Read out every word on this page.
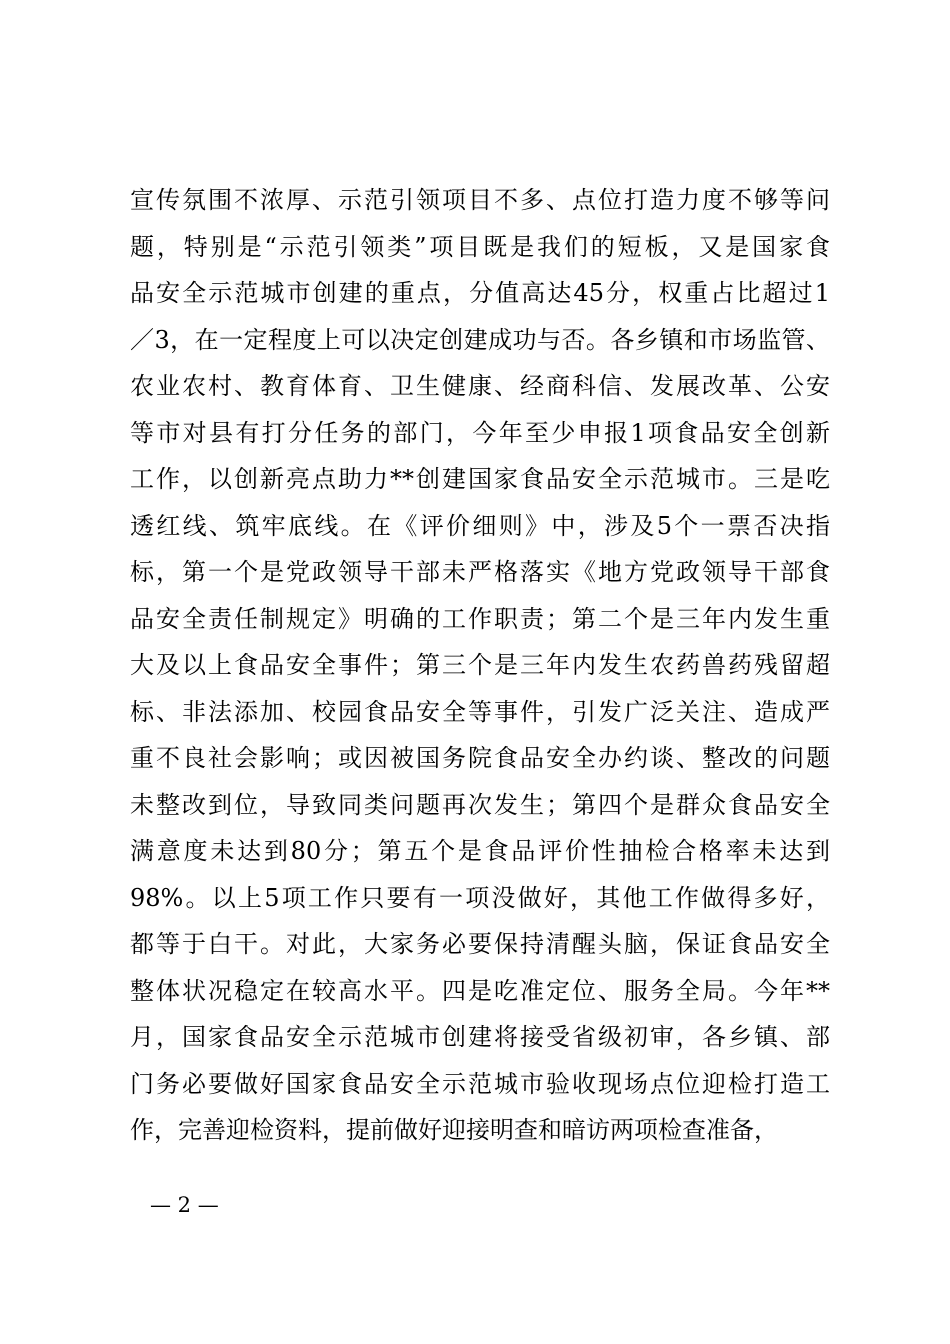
宣传氛围不浓厚、示范引领项目不多、点位打造力度不够等问
题，特别是“示范引领类”项目既是我们的短板，又是国家食
品安全示范城市创建的重点，分值高达45分，权重占比超过1
／3，在一定程度上可以决定创建成功与否。各乡镇和市场监管、
农业农村、教育体育、卫生健康、经商科信、发展改革、公安
等市对县有打分任务的部门，今年至少申报1项食品安全创新
工作，以创新亮点助力**创建国家食品安全示范城市。三是吃
透红线、筑牢底线。在《评价细则》中，涉及5个一票否决指
标，第一个是党政领导干部未严格落实《地方党政领导干部食
品安全责任制规定》明确的工作职责；第二个是三年内发生重
大及以上食品安全事件；第三个是三年内发生农药兽药残留超
标、非法添加、校园食品安全等事件，引发广泛关注、造成严
重不良社会影响；或因被国务院食品安全办约谈、整改的问题
未整改到位，导致同类问题再次发生；第四个是群众食品安全
满意度未达到80分；第五个是食品评价性抽检合格率未达到
98%。以上5项工作只要有一项没做好，其他工作做得多好，
都等于白干。对此，大家务必要保持清醒头脑，保证食品安全
整体状况稳定在较高水平。四是吃准定位、服务全局。今年**
月，国家食品安全示范城市创建将接受省级初审，各乡镇、部
门务必要做好国家食品安全示范城市验收现场点位迎检打造工
作，完善迎检资料，提前做好迎接明查和暗访两项检查准备，
— 2 —
